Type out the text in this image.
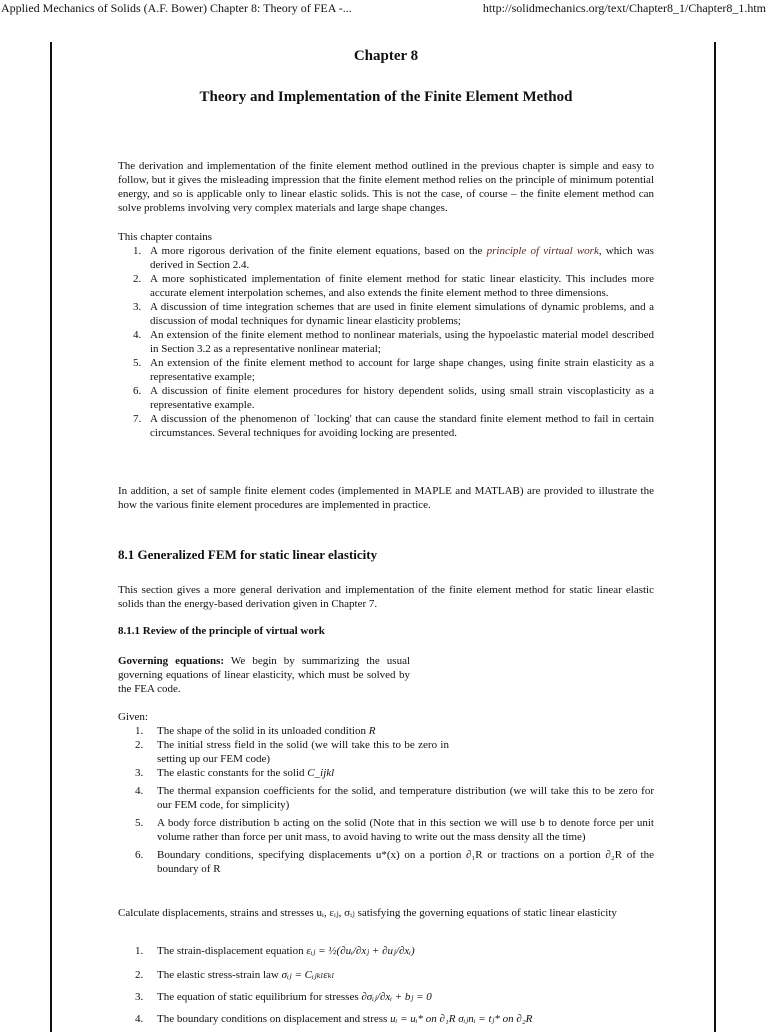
Applied Mechanics of Solids (A.F. Bower) Chapter 8: Theory of FEA -...	http://solidmechanics.org/text/Chapter8_1/Chapter8_1.htm
Chapter 8
Theory and Implementation of the Finite Element Method

The derivation and implementation of the finite element method outlined in the previous chapter is simple and easy to follow, but it gives the misleading impression that the finite element method relies on the principle of minimum potential energy, and so is applicable only to linear elastic solids. This is not the case, of course – the finite element method can solve problems involving very complex materials and large shape changes.

This chapter contains

1. A more rigorous derivation of the finite element equations, based on the principle of virtual work, which was derived in Section 2.4.
2. A more sophisticated implementation of finite element method for static linear elasticity. This includes more accurate element interpolation schemes, and also extends the finite element method to three dimensions.
3. A discussion of time integration schemes that are used in finite element simulations of dynamic problems, and a discussion of modal techniques for dynamic linear elasticity problems;
4. An extension of the finite element method to nonlinear materials, using the hypoelastic material model described in Section 3.2 as a representative nonlinear material;
5. An extension of the finite element method to account for large shape changes, using finite strain elasticity as a representative example;
6. A discussion of finite element procedures for history dependent solids, using small strain viscoplasticity as a representative example.
7. A discussion of the phenomenon of `locking' that can cause the standard finite element method to fail in certain circumstances. Several techniques for avoiding locking are presented.

In addition, a set of sample finite element codes (implemented in MAPLE and MATLAB) are provided to illustrate the how the various finite element procedures are implemented in practice.

8.1 Generalized FEM for static linear elasticity

This section gives a more general derivation and implementation of the finite element method for static linear elastic solids than the energy-based derivation given in Chapter 7.

8.1.1 Review of the principle of virtual work

Governing equations: We begin by summarizing the usual governing equations of linear elasticity, which must be solved by the FEA code.

Given:

1. The shape of the solid in its unloaded condition R
2. The initial stress field in the solid (we will take this to be zero in setting up our FEM code)
3. The elastic constants for the solid C_ijkl
4. The thermal expansion coefficients for the solid, and temperature distribution (we will take this to be zero for our FEM code, for simplicity)
5. A body force distribution b acting on the solid (Note that in this section we will use b to denote force per unit volume rather than force per unit mass, to avoid having to write out the mass density all the time)
6. Boundary conditions, specifying displacements u*(x) on a portion ∂₁R or tractions on a portion ∂₂R of the boundary of R

Calculate displacements, strains and stresses uᵢ, εᵢⱼ, σᵢⱼ satisfying the governing equations of static linear elasticity

1. The strain-displacement equation εᵢⱼ = ½(∂uᵢ/∂xⱼ + ∂uⱼ/∂xᵢ)
2. The elastic stress-strain law σᵢⱼ = Cᵢⱼₖₗεₖₗ
3. The equation of static equilibrium for stresses ∂σᵢⱼ/∂xᵢ + bⱼ = 0
4. The boundary conditions on displacement and stress uᵢ = uᵢ* on ∂₁R σᵢⱼnᵢ = tⱼ* on ∂₂R
